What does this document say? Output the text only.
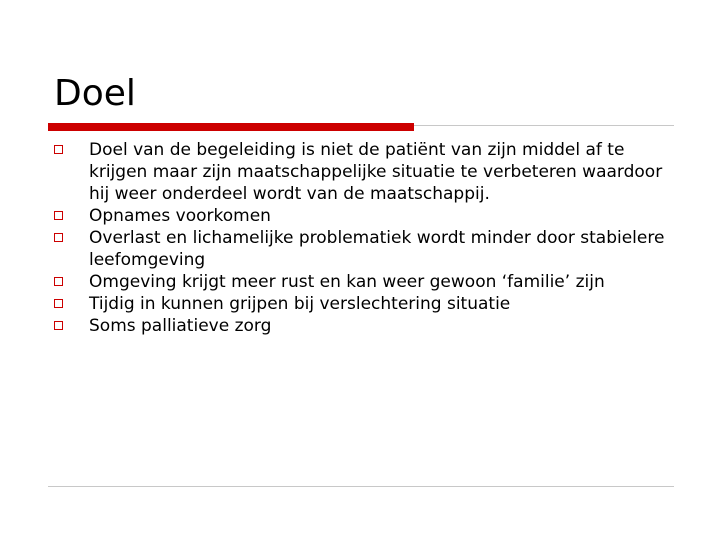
Doel
Doel van de begeleiding is niet de patiënt van zijn middel af te krijgen maar zijn maatschappelijke situatie te verbeteren waardoor hij weer onderdeel wordt van de maatschappij.
Opnames voorkomen
Overlast en lichamelijke problematiek wordt minder door stabielere leefomgeving
Omgeving krijgt meer rust en kan weer gewoon ‘familie’ zijn
Tijdig in kunnen grijpen bij verslechtering situatie
Soms palliatieve zorg
